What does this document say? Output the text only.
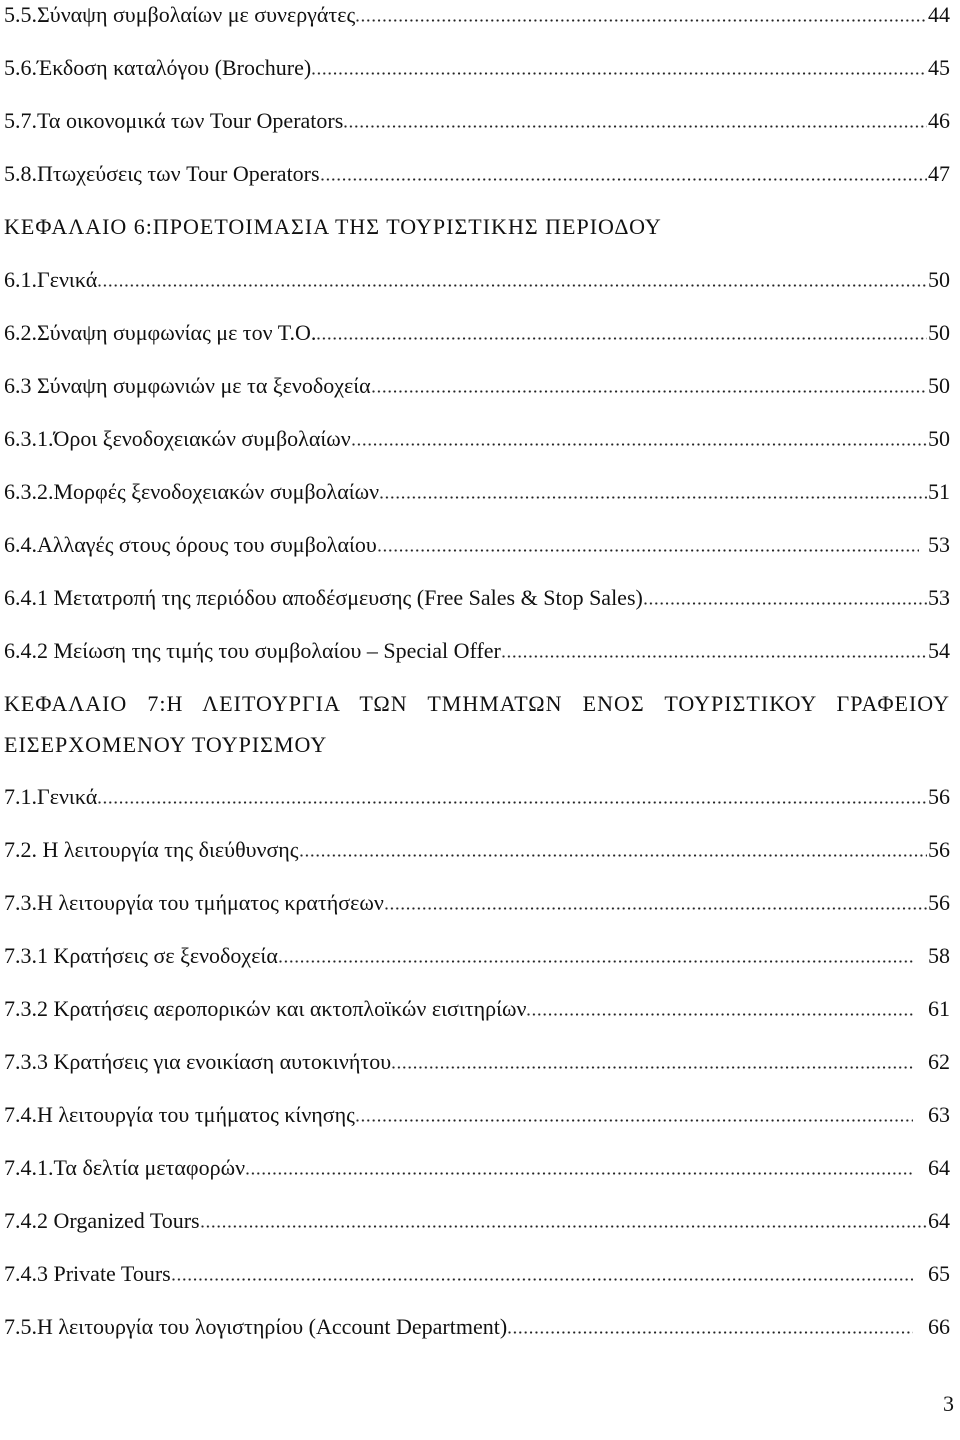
5.5.Σύναψη συμβολαίων με συνεργάτες	44
5.6.Έκδοση καταλόγου (Brochure)	45
5.7.Τα οικονομικά των Tour Operators	46
5.8.Πτωχεύσεις των Tour Operators	47
ΚΕΦΑΛΑΙΟ 6:ΠΡΟΕΤΟΙΜΑΣΙΑ ΤΗΣ ΤΟΥΡΙΣΤΙΚΗΣ ΠΕΡΙΟΔΟΥ
6.1.Γενικά	50
6.2.Σύναψη συμφωνίας με τον Τ.Ο.	50
6.3 Σύναψη συμφωνιών με τα ξενοδοχεία	50
6.3.1.Όροι ξενοδοχειακών συμβολαίων	50
6.3.2.Μορφές ξενοδοχειακών συμβολαίων	51
6.4.Αλλαγές στους όρους του συμβολαίου	53
6.4.1 Μετατροπή της περιόδου αποδέσμευσης (Free Sales & Stop Sales)	53
6.4.2 Μείωση της τιμής του συμβολαίου – Special Offer	54
ΚΕΦΑΛΑΙΟ 7:Η ΛΕΙΤΟΥΡΓΙΑ ΤΩΝ ΤΜΗΜΑΤΩΝ ΕΝΟΣ ΤΟΥΡΙΣΤΙΚΟΥ ΓΡΑΦΕΙΟΥ ΕΙΣΕΡΧΟΜΕΝΟΥ ΤΟΥΡΙΣΜΟΥ
7.1.Γενικά	56
7.2. Η λειτουργία της διεύθυνσης	56
7.3.Η λειτουργία του τμήματος κρατήσεων	56
7.3.1 Κρατήσεις σε ξενοδοχεία	58
7.3.2 Κρατήσεις αεροπορικών και ακτοπλοϊκών εισιτηρίων	61
7.3.3 Κρατήσεις για ενοικίαση αυτοκινήτου	62
7.4.Η λειτουργία του τμήματος κίνησης	63
7.4.1.Τα δελτία μεταφορών	64
7.4.2 Organized Tours	64
7.4.3 Private Tours	65
7.5.Η λειτουργία του λογιστηρίου (Account Department)	66
3
